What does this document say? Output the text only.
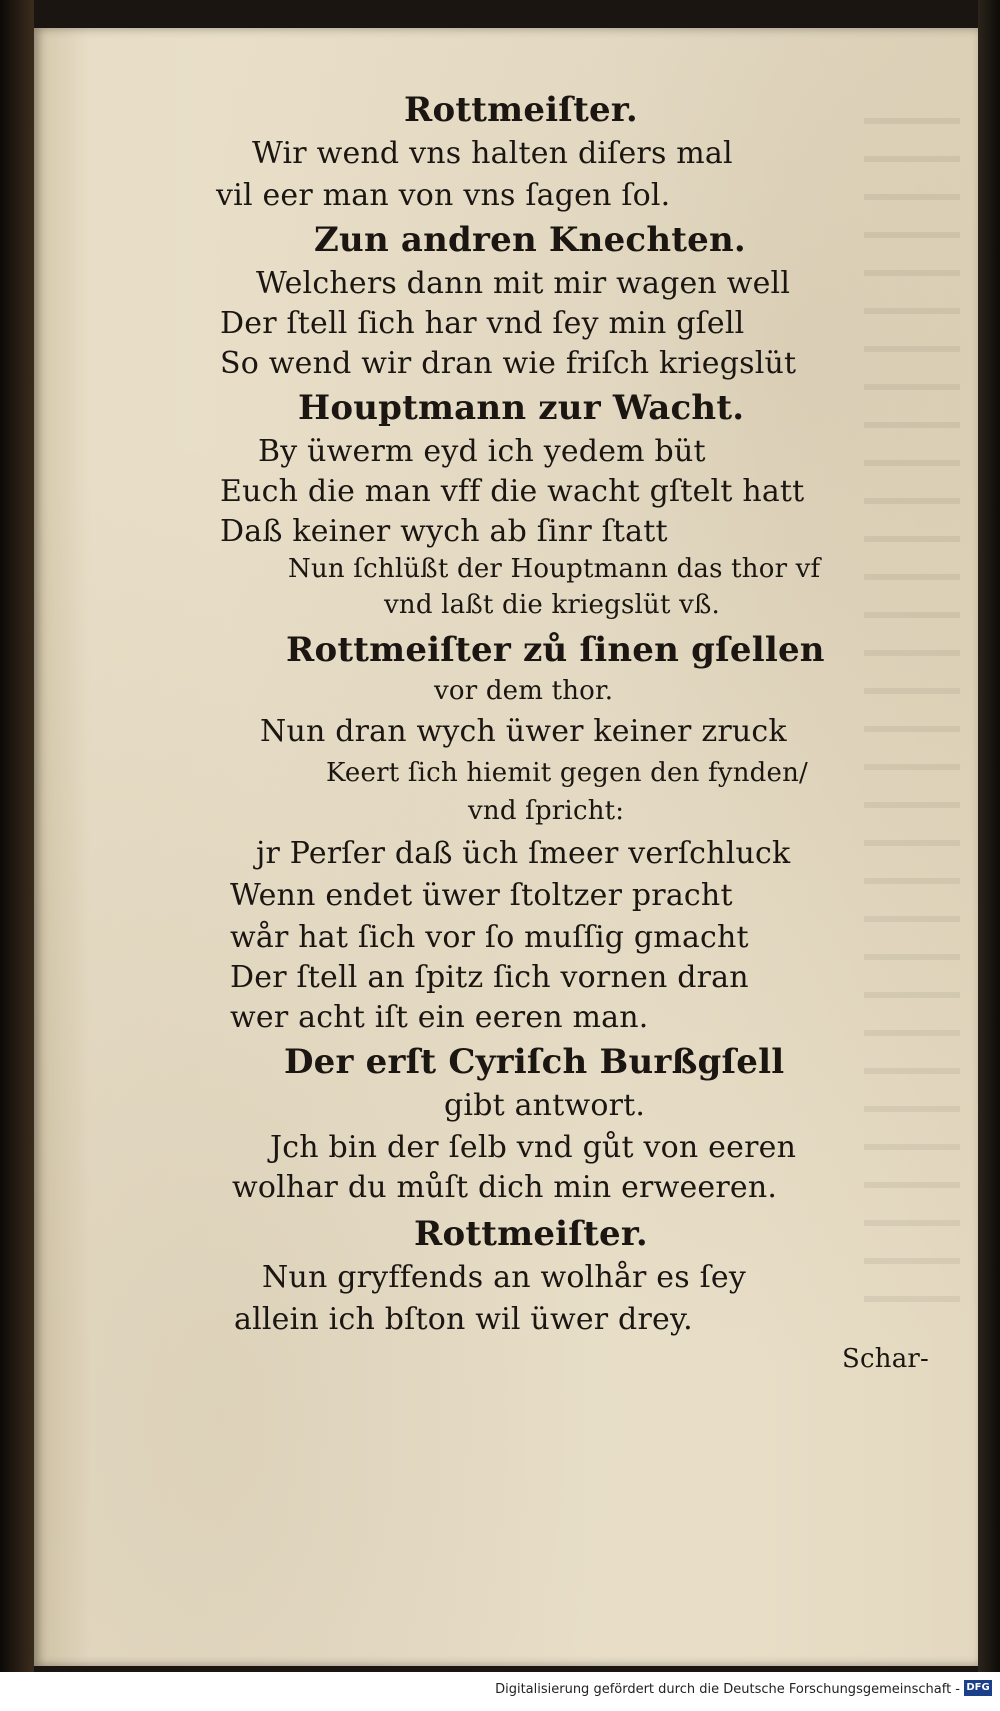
Rottmeiſter.
Wir wend vns halten diſers mal
vil eer man von vns ſagen ſol.
Zun andren Knechten.
Welchers dann mit mir wagen well
Der ſtell ſich har vnd ſey min gſell
So wend wir dran wie friſch kriegslüt
Houptmann zur Wacht.
By üwerm eyd ich yedem büt
Euch die man vff die wacht gſtelt hatt
Daß keiner wych ab ſinr ſtatt
Nun ſchlüßt der Houptmann das thor vf
vnd laßt die kriegslüt vß.
Rottmeiſter zů ſinen gſellen
vor dem thor.
Nun dran wych üwer keiner zruck
Keert ſich hiemit gegen den fynden/
vnd ſpricht:
jr Perſer daß üch ſmeer verſchluck
Wenn endet üwer ſtoltzer pracht
wår hat ſich vor ſo muſſig gmacht
Der ſtell an ſpitz ſich vornen dran
wer acht iſt ein eeren man.
Der erſt Cyriſch Burßgſell
gibt antwort.
Jch bin der ſelb vnd gůt von eeren
wolhar du můſt dich min erweeren.
Rottmeiſter.
Nun gryffends an wolhår es ſey
allein ich bſton wil üwer drey.
Schar-
Digitalisierung gefördert durch die Deutsche Forschungsgemeinschaft - DFG
